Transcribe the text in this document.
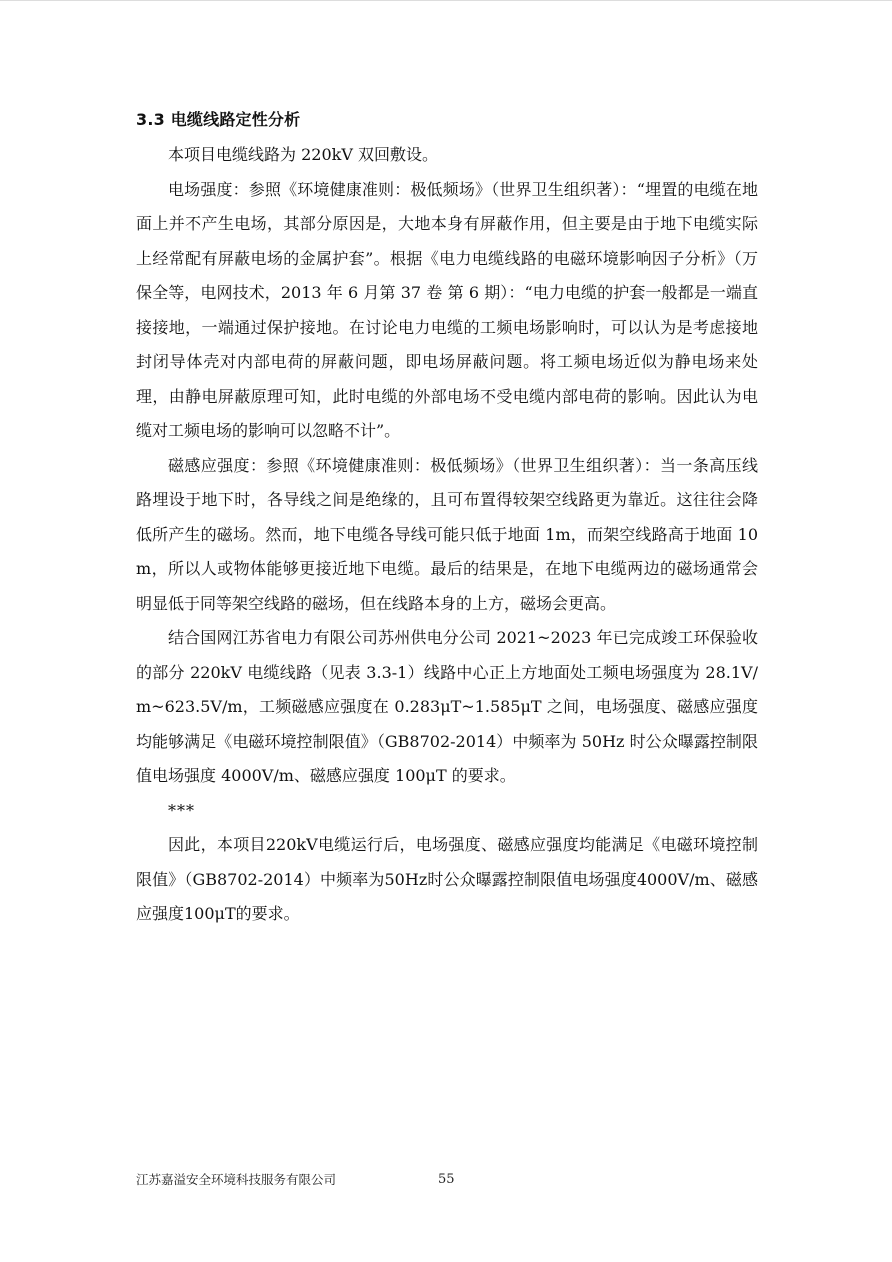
3.3 电缆线路定性分析

本项目电缆线路为 220kV 双回敷设。

电场强度：参照《环境健康准则：极低频场》（世界卫生组织著）：“埋置的电缆在地面上并不产生电场，其部分原因是，大地本身有屏蔽作用，但主要是由于地下电缆实际上经常配有屏蔽电场的金属护套”。根据《电力电缆线路的电磁环境影响因子分析》（万保全等，电网技术，2013 年 6 月第 37 卷 第 6 期）：“电力电缆的护套一般都是一端直接接地，一端通过保护接地。在讨论电力电缆的工频电场影响时，可以认为是考虑接地封闭导体壳对内部电荷的屏蔽问题，即电场屏蔽问题。将工频电场近似为静电场来处理，由静电屏蔽原理可知，此时电缆的外部电场不受电缆内部电荷的影响。因此认为电缆对工频电场的影响可以忽略不计”。

磁感应强度：参照《环境健康准则：极低频场》（世界卫生组织著）：当一条高压线路埋设于地下时，各导线之间是绝缘的，且可布置得较架空线路更为靠近。这往往会降低所产生的磁场。然而，地下电缆各导线可能只低于地面 1m，而架空线路高于地面 10m，所以人或物体能够更接近地下电缆。最后的结果是，在地下电缆两边的磁场通常会明显低于同等架空线路的磁场，但在线路本身的上方，磁场会更高。

结合国网江苏省电力有限公司苏州供电分公司 2021~2023 年已完成竣工环保验收的部分 220kV 电缆线路（见表 3.3-1）线路中心正上方地面处工频电场强度为 28.1V/m~623.5V/m，工频磁感应强度在 0.283μT~1.585μT 之间，电场强度、磁感应强度均能够满足《电磁环境控制限值》（GB8702-2014）中频率为 50Hz 时公众曝露控制限值电场强度 4000V/m、磁感应强度 100μT 的要求。

***

因此，本项目220kV电缆运行后，电场强度、磁感应强度均能满足《电磁环境控制限值》（GB8702-2014）中频率为50Hz时公众曝露控制限值电场强度4000V/m、磁感应强度100μT的要求。

江苏嘉溢安全环境科技服务有限公司	55
